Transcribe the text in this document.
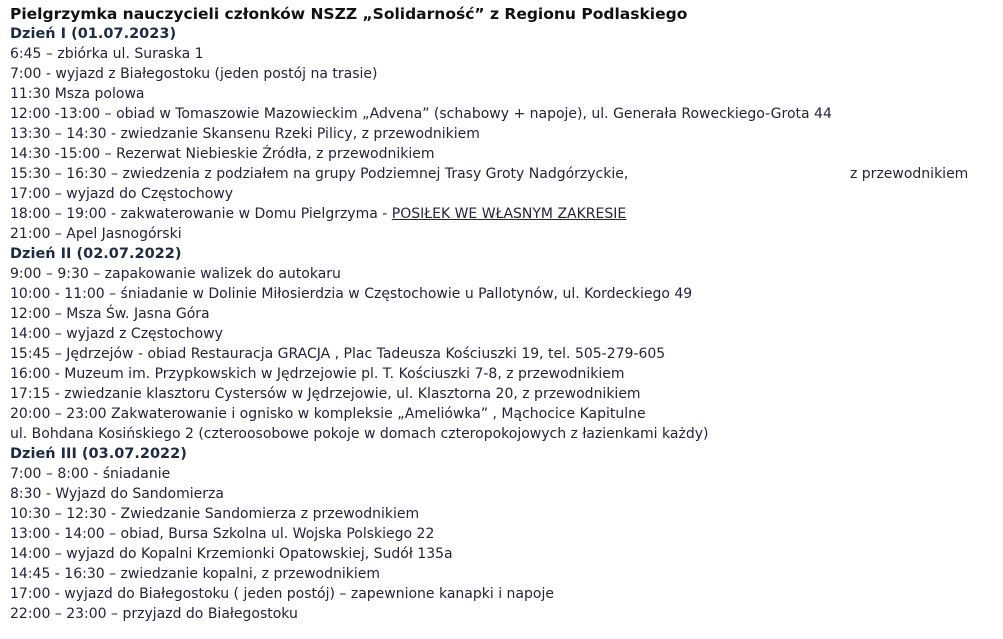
Pielgrzymka nauczycieli członków NSZZ „Solidarność” z Regionu Podlaskiego
Dzień I (01.07.2023)
6:45 – zbiórka ul. Suraska 1
7:00 - wyjazd z Białegostoku (jeden postój na trasie)
11:30 Msza polowa
12:00 -13:00 – obiad w Tomaszowie Mazowieckim „Advena” (schabowy + napoje), ul. Generała Roweckiego-Grota 44
13:30 – 14:30 - zwiedzanie Skansenu Rzeki Pilicy, z przewodnikiem
14:30 -15:00 – Rezerwat Niebieskie Źródła, z przewodnikiem
15:30 – 16:30 – zwiedzenia z podziałem na grupy Podziemnej Trasy Groty Nadgórzyckie,	z przewodnikiem
17:00 – wyjazd do Częstochowy
18:00 – 19:00 - zakwaterowanie w Domu Pielgrzyma - POSIŁEK WE WŁASNYM ZAKRESIE
21:00 – Apel Jasnogórski
Dzień II (02.07.2022)
9:00 – 9:30 – zapakowanie walizek do autokaru
10:00 - 11:00 – śniadanie w Dolinie Miłosierdzia w Częstochowie u Pallotynów, ul. Kordeckiego 49
12:00 – Msza Św. Jasna Góra
14:00 – wyjazd z Częstochowy
15:45 – Jędrzejów - obiad Restauracja GRACJA , Plac Tadeusza Kościuszki 19, tel. 505-279-605
16:00 - Muzeum im. Przypkowskich w Jędrzejowie pl. T. Kościuszki 7-8, z przewodnikiem
17:15 - zwiedzanie klasztoru Cystersów w Jędrzejowie, ul. Klasztorna 20, z przewodnikiem
20:00 – 23:00 Zakwaterowanie i ognisko w kompleksie „Ameliówka” , Mąchocice Kapitulne
ul. Bohdana Kosińskiego 2 (czteroosobowe pokoje w domach czteropokojowych z łazienkami każdy)
Dzień III (03.07.2022)
7:00 – 8:00 - śniadanie
8:30 - Wyjazd do Sandomierza
10:30 – 12:30 - Zwiedzanie Sandomierza z przewodnikiem
13:00 - 14:00 – obiad, Bursa Szkolna ul. Wojska Polskiego 22
14:00 – wyjazd do Kopalni Krzemionki Opatowskiej, Sudół 135a
14:45 - 16:30 – zwiedzanie kopalni, z przewodnikiem
17:00 - wyjazd do Białegostoku ( jeden postój) – zapewnione kanapki i napoje
22:00 – 23:00 – przyjazd do Białegostoku
